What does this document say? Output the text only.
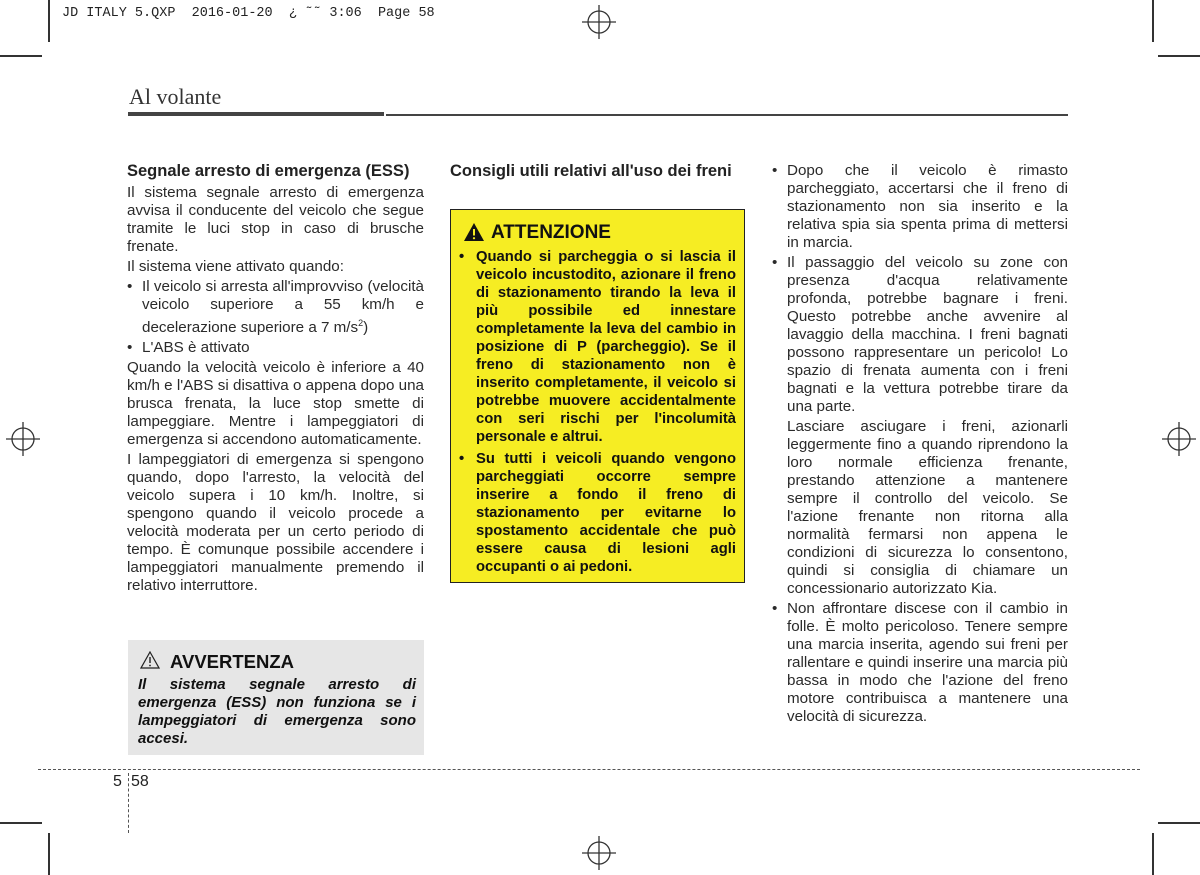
JD ITALY 5.QXP  2016-01-20  ¿ ˜˜ 3:06  Page 58
Al volante
Segnale arresto di emergenza (ESS)

Il sistema segnale arresto di emergenza avvisa il conducente del veicolo che segue tramite le luci stop in caso di brusche frenate.

Il sistema viene attivato quando:

• Il veicolo si arresta all'improvviso (velocità veicolo superiore a 55 km/h e decelerazione superiore a 7 $m/s^2$)
• L'ABS è attivato

Quando la velocità veicolo è inferiore a 40 km/h e l'ABS si disattiva o appena dopo una brusca frenata, la luce stop smette di lampeggiare. Mentre i lampeggiatori di emergenza si accendono automaticamente.

I lampeggiatori di emergenza si spengono quando, dopo l'arresto, la velocità del veicolo supera i 10 km/h. Inoltre, si spengono quando il veicolo procede a velocità moderata per un certo periodo di tempo. È comunque possibile accendere i lampeggiatori manualmente premendo il relativo interruttore.

AVVERTENZA
Il sistema segnale arresto di emergenza (ESS) non funziona se i lampeggiatori di emergenza sono accesi.
Consigli utili relativi all'uso dei freni
ATTENZIONE
• Quando si parcheggia o si lascia il veicolo incustodito, azionare il freno di stazionamento tirando la leva il più possibile ed innestare completamente la leva del cambio in posizione di P (parcheggio). Se il freno di stazionamento non è inserito completamente, il veicolo si potrebbe muovere accidentalmente con seri rischi per l'incolumità personale e altrui.
• Su tutti i veicoli quando vengono parcheggiati occorre sempre inserire a fondo il freno di stazionamento per evitarne lo spostamento accidentale che può essere causa di lesioni agli occupanti o ai pedoni.
• Dopo che il veicolo è rimasto parcheggiato, accertarsi che il freno di stazionamento non sia inserito e la relativa spia sia spenta prima di mettersi in marcia.
• Il passaggio del veicolo su zone con presenza d'acqua relativamente profonda, potrebbe bagnare i freni. Questo potrebbe anche avvenire al lavaggio della macchina. I freni bagnati possono rappresentare un pericolo! Lo spazio di frenata aumenta con i freni bagnati e la vettura potrebbe tirare da una parte.
Lasciare asciugare i freni, azionarli leggermente fino a quando riprendono la loro normale efficienza frenante, prestando attenzione a mantenere sempre il controllo del veicolo. Se l'azione frenante non ritorna alla normalità fermarsi non appena le condizioni di sicurezza lo consentono, quindi si consiglia di chiamare un concessionario autorizzato Kia.
• Non affrontare discese con il cambio in folle. È molto pericoloso. Tenere sempre una marcia inserita, agendo sui freni per rallentare e quindi inserire una marcia più bassa in modo che l'azione del freno motore contribuisca a mantenere una velocità di sicurezza.
5 58
